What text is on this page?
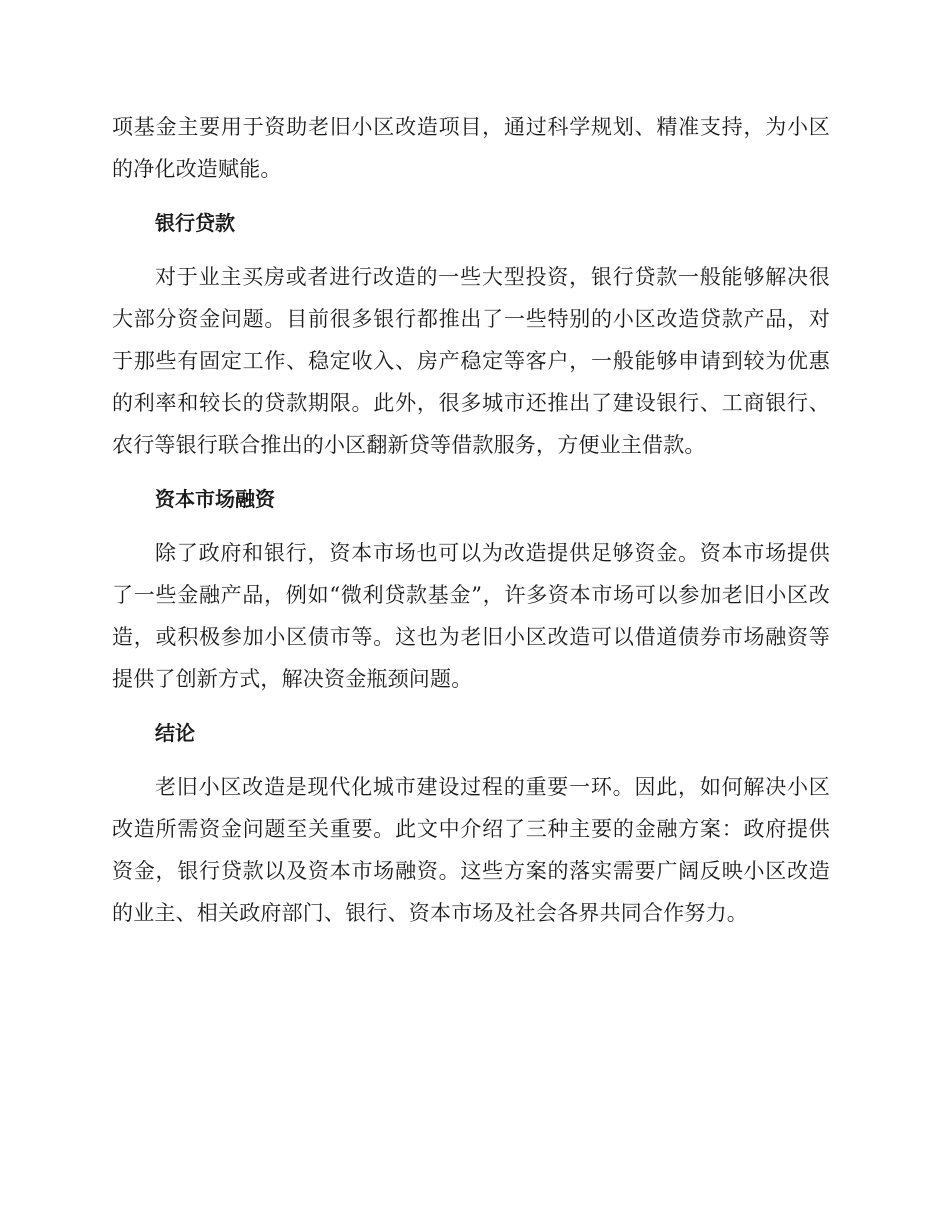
项基金主要用于资助老旧小区改造项目，通过科学规划、精准支持，为小区的净化改造赋能。

银行贷款

对于业主买房或者进行改造的一些大型投资，银行贷款一般能够解决很大部分资金问题。目前很多银行都推出了一些特别的小区改造贷款产品，对于那些有固定工作、稳定收入、房产稳定等客户，一般能够申请到较为优惠的利率和较长的贷款期限。此外，很多城市还推出了建设银行、工商银行、农行等银行联合推出的小区翻新贷等借款服务，方便业主借款。

资本市场融资

除了政府和银行，资本市场也可以为改造提供足够资金。资本市场提供了一些金融产品，例如“微利贷款基金”，许多资本市场可以参加老旧小区改造，或积极参加小区债市等。这也为老旧小区改造可以借道债券市场融资等提供了创新方式，解决资金瓶颈问题。

结论

老旧小区改造是现代化城市建设过程的重要一环。因此，如何解决小区改造所需资金问题至关重要。此文中介绍了三种主要的金融方案：政府提供资金，银行贷款以及资本市场融资。这些方案的落实需要广阔反映小区改造的业主、相关政府部门、银行、资本市场及社会各界共同合作努力。
